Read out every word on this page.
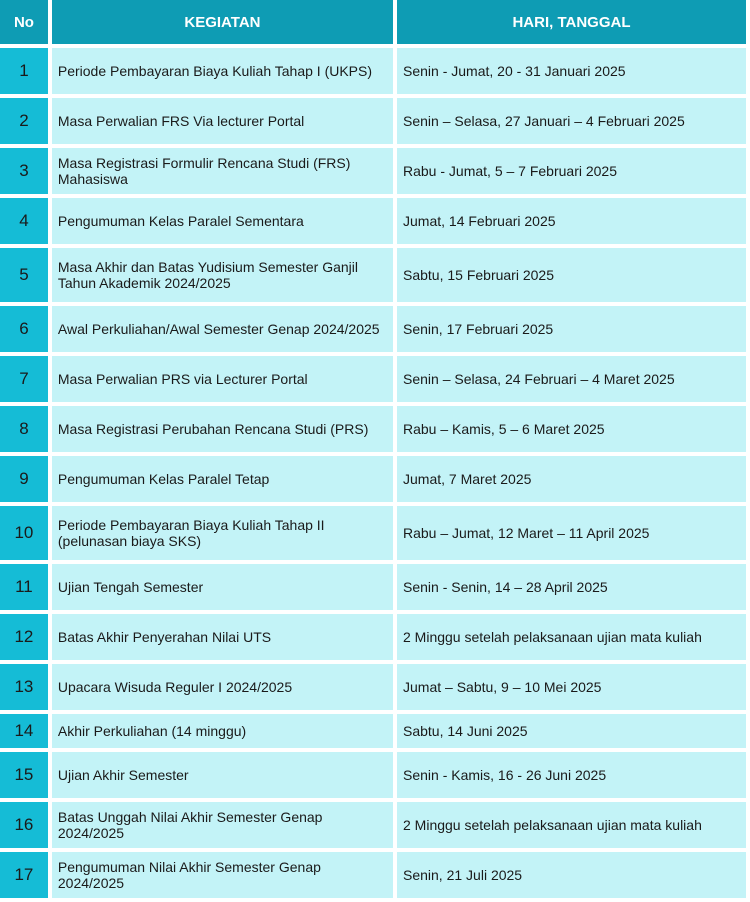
No	KEGIATAN	HARI, TANGGAL
1	Periode Pembayaran Biaya Kuliah Tahap I (UKPS)	Senin - Jumat, 20 - 31 Januari 2025
2	Masa Perwalian FRS Via lecturer Portal	Senin – Selasa, 27 Januari – 4 Februari 2025
3	Masa Registrasi Formulir Rencana Studi (FRS) Mahasiswa	Rabu - Jumat, 5 – 7 Februari 2025
4	Pengumuman Kelas Paralel Sementara	Jumat, 14 Februari 2025
5	Masa Akhir dan Batas Yudisium Semester Ganjil Tahun Akademik 2024/2025	Sabtu, 15 Februari 2025
6	Awal Perkuliahan/Awal Semester Genap 2024/2025	Senin, 17 Februari 2025
7	Masa Perwalian PRS via Lecturer Portal	Senin – Selasa, 24 Februari – 4 Maret 2025
8	Masa Registrasi Perubahan Rencana Studi (PRS)	Rabu – Kamis, 5 – 6 Maret 2025
9	Pengumuman Kelas Paralel Tetap	Jumat, 7 Maret 2025
10	Periode Pembayaran Biaya Kuliah Tahap II (pelunasan biaya SKS)	Rabu – Jumat, 12 Maret – 11 April 2025
11	Ujian Tengah Semester	Senin - Senin, 14 – 28 April 2025
12	Batas Akhir Penyerahan Nilai UTS	2 Minggu setelah pelaksanaan ujian mata kuliah
13	Upacara Wisuda Reguler I 2024/2025	Jumat – Sabtu, 9 – 10 Mei 2025
14	Akhir Perkuliahan (14 minggu)	Sabtu, 14 Juni 2025
15	Ujian Akhir Semester	Senin - Kamis, 16 - 26 Juni 2025
16	Batas Unggah Nilai Akhir Semester Genap 2024/2025	2 Minggu setelah pelaksanaan ujian mata kuliah
17	Pengumuman Nilai Akhir Semester Genap 2024/2025	Senin, 21 Juli 2025
